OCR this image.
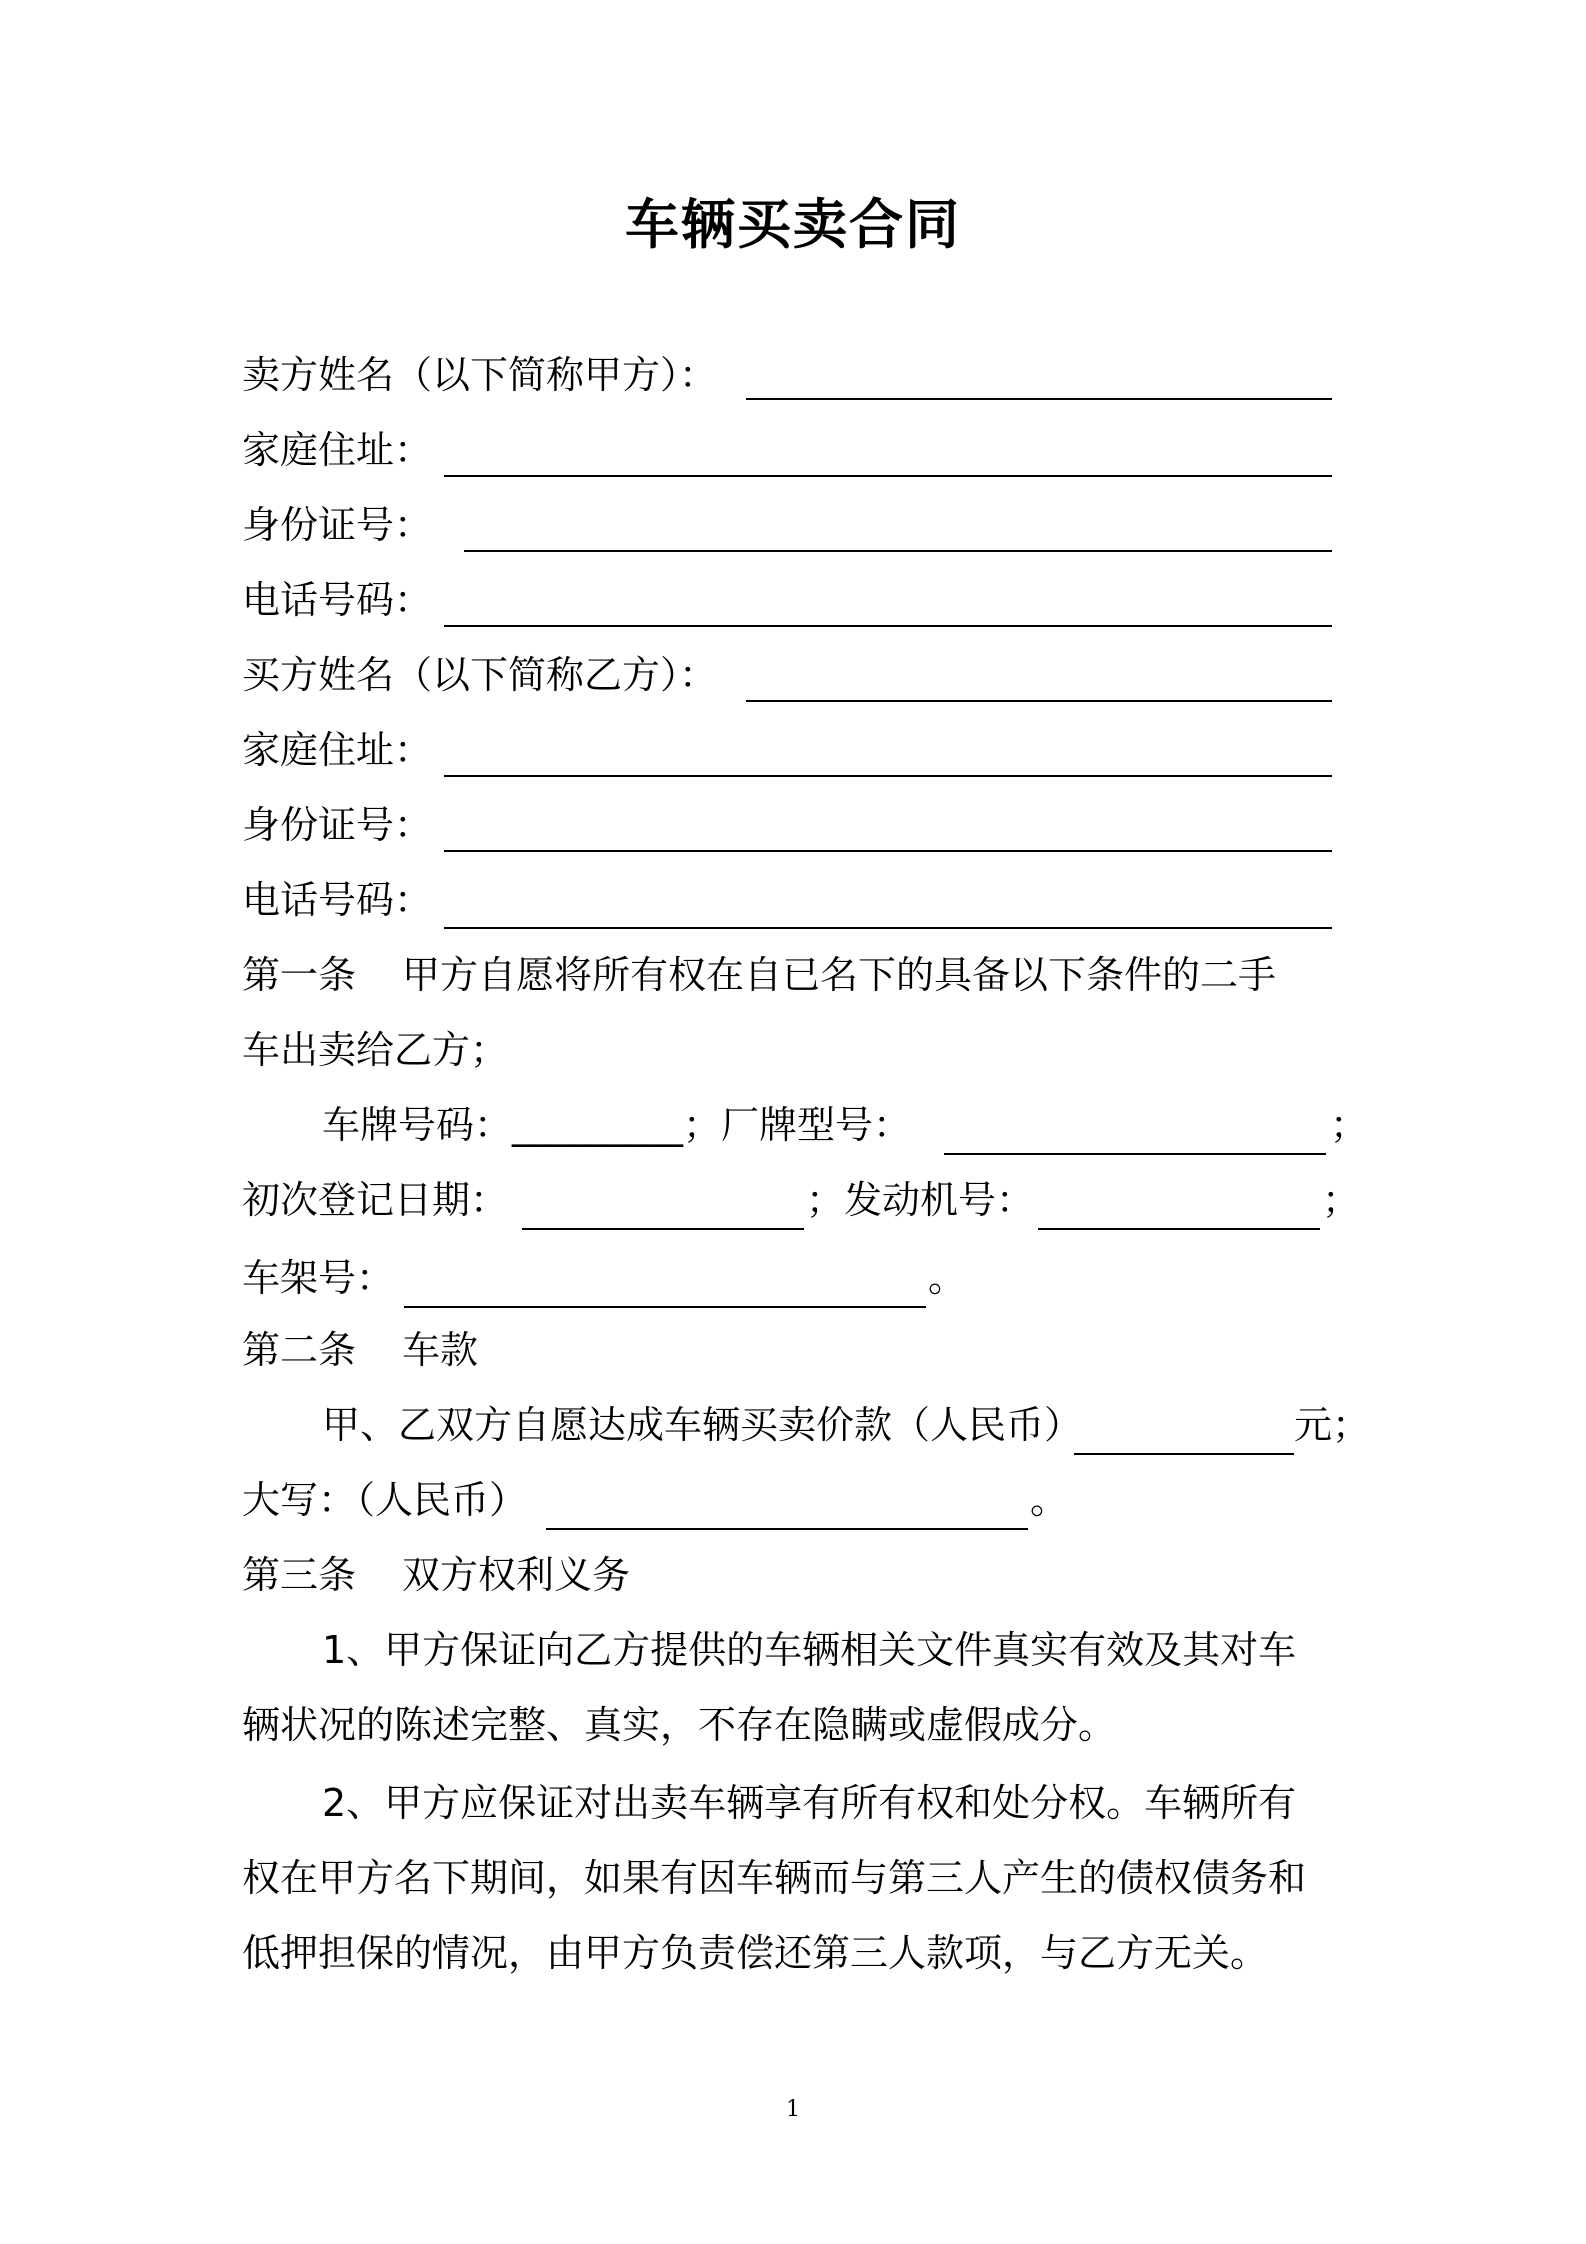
车辆买卖合同
卖方姓名（以下简称甲方）：
家庭住址：
身份证号：
电话号码：
买方姓名（以下简称乙方）：
家庭住址：
身份证号：
电话号码：
第一条 甲方自愿将所有权在自已名下的具备以下条件的二手
车出卖给乙方；
车牌号码：_________；厂牌型号：	；
初次登记日期：	；发动机号：	；
车架号：	。
第二条 车款
甲、乙双方自愿达成车辆买卖价款（人民币）	元；
大写：（人民币）	。
第三条 双方权利义务
1、甲方保证向乙方提供的车辆相关文件真实有效及其对车
辆状况的陈述完整、真实，不存在隐瞒或虚假成分。
2、甲方应保证对出卖车辆享有所有权和处分权。车辆所有
权在甲方名下期间，如果有因车辆而与第三人产生的债权债务和
低押担保的情况，由甲方负责偿还第三人款项，与乙方无关。
1
